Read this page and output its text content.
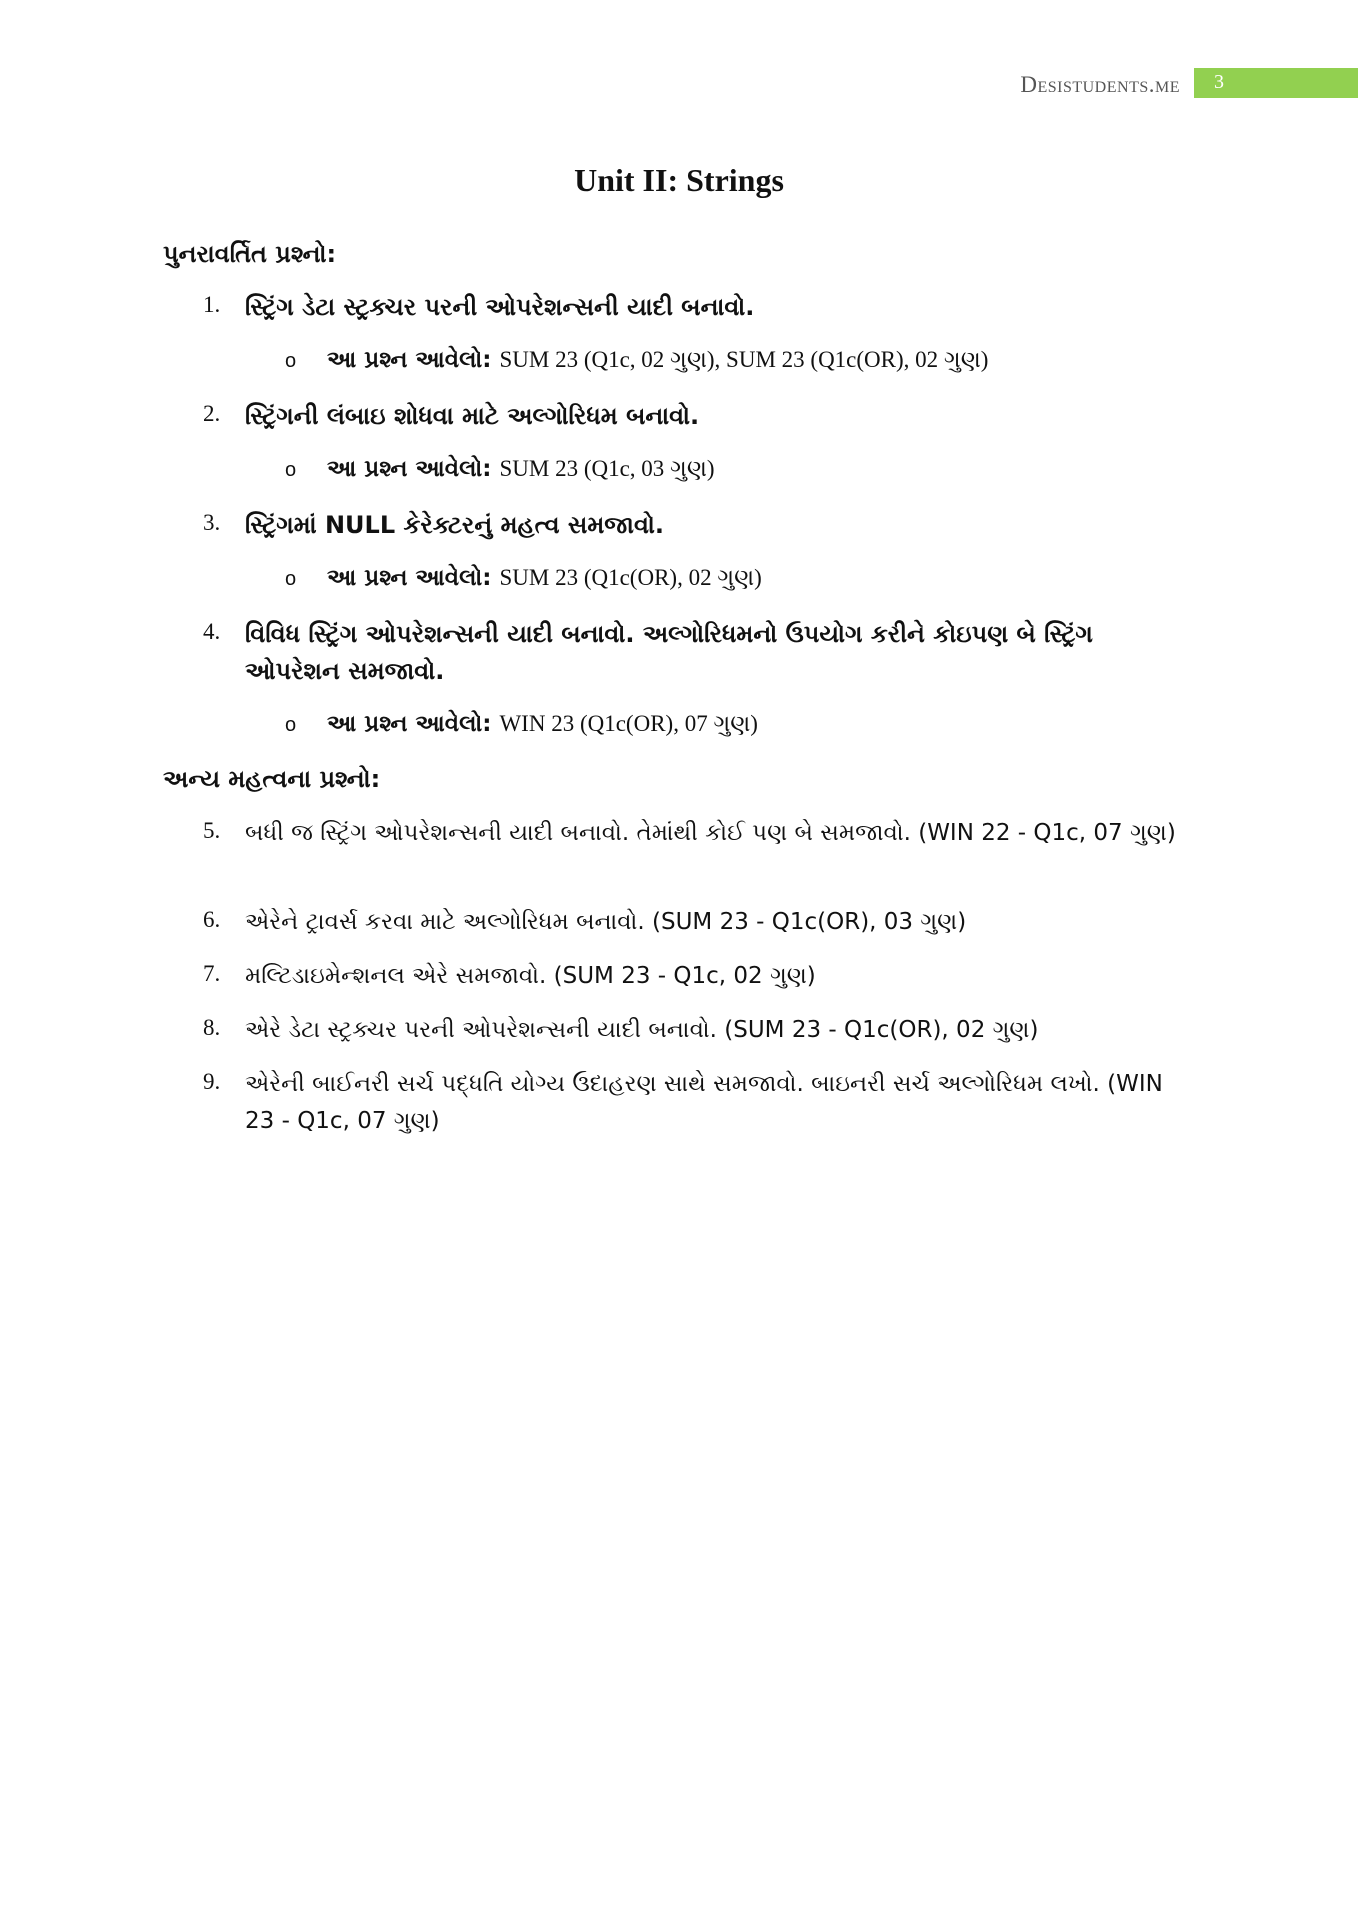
Desistudents.me	3
Unit II: Strings
પુનરાવર્તિત પ્રશ્નો:
1.	સ્ટ્રિંગ ડેટા સ્ટ્રક્ચર પરની ઓપરેશન્સની યાદી બનાવો.
o	આ પ્રશ્ન આવેલો: SUM 23 (Q1c, 02 ગુણ), SUM 23 (Q1c(OR), 02 ગુણ)
2.	સ્ટ્રિંગની લંબાઇ શોધવા માટે અલ્ગોરિધમ બનાવો.
o	આ પ્રશ્ન આવેલો: SUM 23 (Q1c, 03 ગુણ)
3.	સ્ટ્રિંગમાં NULL કેરેક્ટરનું મહત્વ સમજાવો.
o	આ પ્રશ્ન આવેલો: SUM 23 (Q1c(OR), 02 ગુણ)
4.	વિવિધ સ્ટ્રિંગ ઓપરેશન્સની યાદી બનાવો. અલ્ગોરિધમનો ઉપયોગ કરીને કોઇપણ બે સ્ટ્રિંગ ઓપરેશન સમજાવો.
o	આ પ્રશ્ન આવેલો: WIN 23 (Q1c(OR), 07 ગુણ)
અન્ય મહત્વના પ્રશ્નો:
5.	બધી જ સ્ટ્રિંગ ઓપરેશન્સની યાદી બનાવો. તેમાંથી કોઈ પણ બે સમજાવો. (WIN 22 - Q1c, 07 ગુણ)
6.	એરેને ટ્રાવર્સ કરવા માટે અલ્ગોરિધમ બનાવો. (SUM 23 - Q1c(OR), 03 ગુણ)
7.	મલ્ટિડાઇમેન્શનલ એરે સમજાવો. (SUM 23 - Q1c, 02 ગુણ)
8.	એરે ડેટા સ્ટ્રક્ચર પરની ઓપરેશન્સની યાદી બનાવો. (SUM 23 - Q1c(OR), 02 ગુણ)
9.	એરેની બાઈનરી સર્ચ પદ્ધતિ યોગ્ય ઉદાહરણ સાથે સમજાવો. બાઇનરી સર્ચ અલ્ગોરિધમ લખો. (WIN 23 - Q1c, 07 ગુણ)
